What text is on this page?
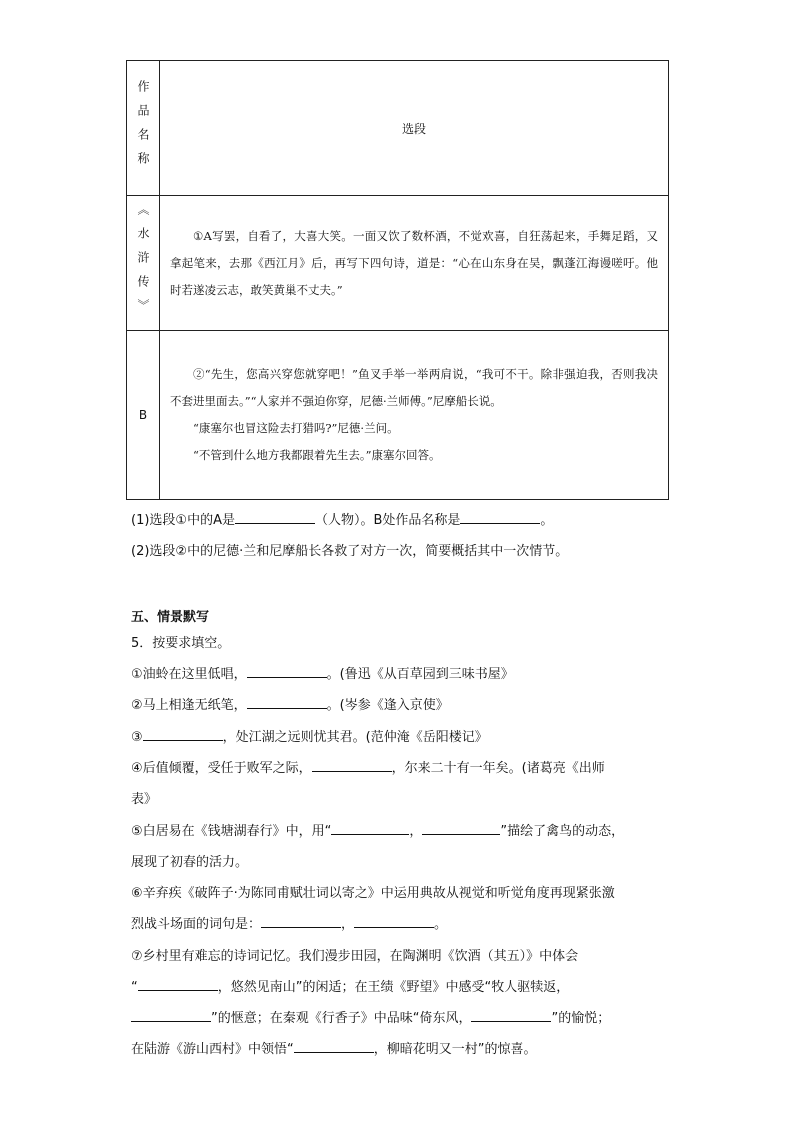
作品名称	选段

《水浒传》	①A写罢，自看了，大喜大笑。一面又饮了数杯酒，不觉欢喜，自狂荡起来，手舞足蹈，又拿起笔来，去那《西江月》后，再写下四句诗，道是：“心在山东身在吴，飘蓬江海谩嗟吁。他时若遂凌云志，敢笑黄巢不丈夫。”

B	②“先生，您高兴穿您就穿吧！”鱼叉手举一举两肩说，“我可不干。除非强迫我，否则我决不套进里面去。”“人家并不强迫你穿，尼德·兰师傅。”尼摩船长说。

“康塞尔也冒这险去打猎吗?”尼德·兰问。

“不管到什么地方我都跟着先生去。”康塞尔回答。

(1)选段①中的A是	（人物）。B处作品名称是	。
(2)选段②中的尼德·兰和尼摩船长各救了对方一次，简要概括其中一次情节。
五、情景默写
5．按要求填空。
①油蛉在这里低唱，	。(鲁迅《从百草园到三味书屋》
②马上相逢无纸笔，	。(岑参《逢入京使》
③	，处江湖之远则忧其君。(范仲淹《岳阳楼记》
④后值倾覆，受任于败军之际，	，尔来二十有一年矣。(诸葛亮《出师
表》
⑤白居易在《钱塘湖春行》中，用“	，	”描绘了禽鸟的动态，
展现了初春的活力。
⑥辛弃疾《破阵子·为陈同甫赋壮词以寄之》中运用典故从视觉和听觉角度再现紧张激
烈战斗场面的词句是：	，	。
⑦乡村里有难忘的诗词记忆。我们漫步田园，在陶渊明《饮酒（其五）》中体会
“	，悠然见南山”的闲适；在王绩《野望》中感受“牧人驱犊返，
”的惬意；在秦观《行香子》中品味“倚东风，	”的愉悦；
在陆游《游山西村》中领悟“	，柳暗花明又一村”的惊喜。
